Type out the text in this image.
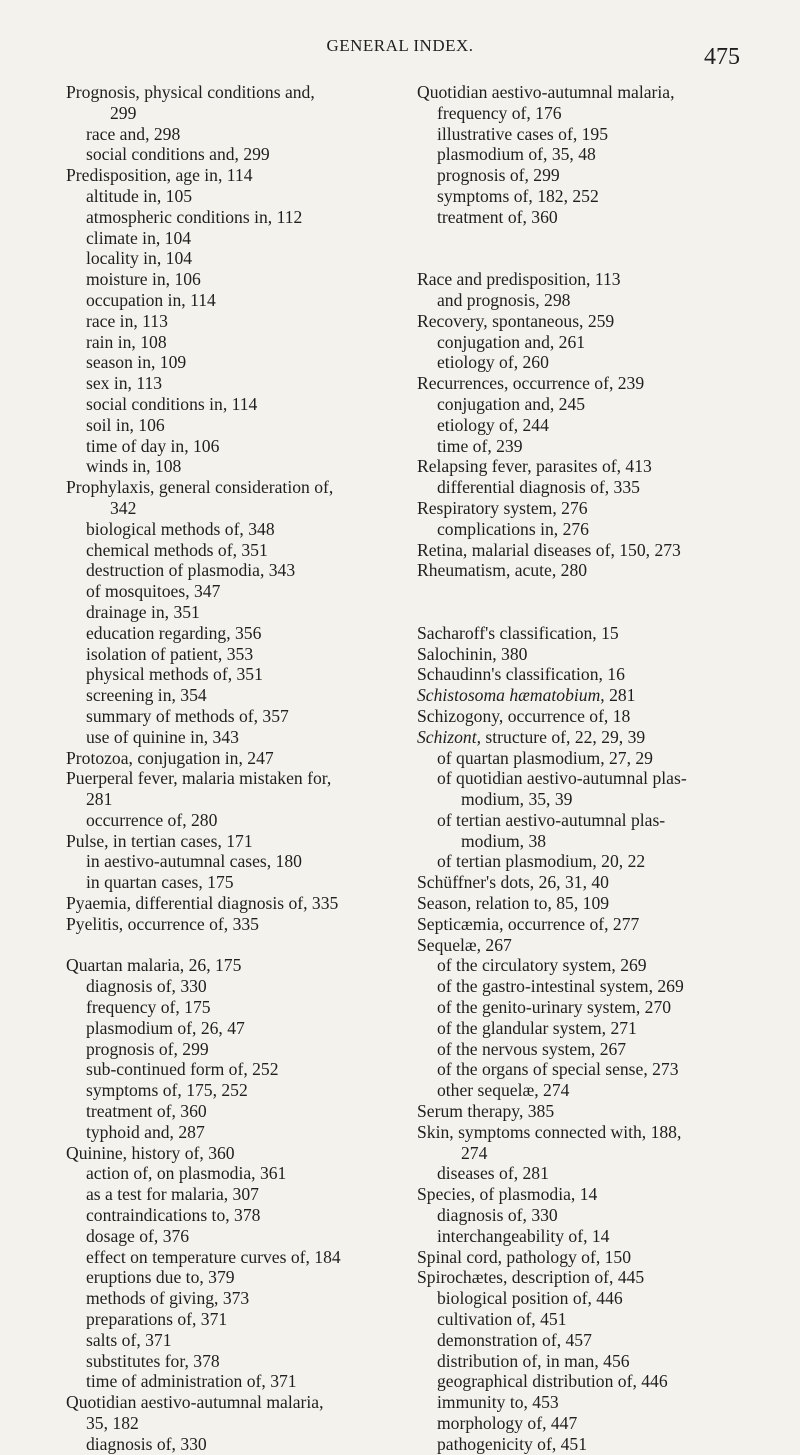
GENERAL INDEX.	475
Prognosis, physical conditions and,
299
race and, 298
social conditions and, 299
Predisposition, age in, 114
altitude in, 105
atmospheric conditions in, 112
climate in, 104
locality in, 104
moisture in, 106
occupation in, 114
race in, 113
rain in, 108
season in, 109
sex in, 113
social conditions in, 114
soil in, 106
time of day in, 106
winds in, 108
Prophylaxis, general consideration of,
342
biological methods of, 348
chemical methods of, 351
destruction of plasmodia, 343
of mosquitoes, 347
drainage in, 351
education regarding, 356
isolation of patient, 353
physical methods of, 351
screening in, 354
summary of methods of, 357
use of quinine in, 343
Protozoa, conjugation in, 247
Puerperal fever, malaria mistaken for,
281
occurrence of, 280
Pulse, in tertian cases, 171
in aestivo-autumnal cases, 180
in quartan cases, 175
Pyaemia, differential diagnosis of, 335
Pyelitis, occurrence of, 335
Quartan malaria, 26, 175
diagnosis of, 330
frequency of, 175
plasmodium of, 26, 47
prognosis of, 299
sub-continued form of, 252
symptoms of, 175, 252
treatment of, 360
typhoid and, 287
Quinine, history of, 360
action of, on plasmodia, 361
as a test for malaria, 307
contraindications to, 378
dosage of, 376
effect on temperature curves of, 184
eruptions due to, 379
methods of giving, 373
preparations of, 371
salts of, 371
substitutes for, 378
time of administration of, 371
Quotidian aestivo-autumnal malaria,
35, 182
diagnosis of, 330
Quotidian aestivo-autumnal malaria,
frequency of, 176
illustrative cases of, 195
plasmodium of, 35, 48
prognosis of, 299
symptoms of, 182, 252
treatment of, 360
Race and predisposition, 113
and prognosis, 298
Recovery, spontaneous, 259
conjugation and, 261
etiology of, 260
Recurrences, occurrence of, 239
conjugation and, 245
etiology of, 244
time of, 239
Relapsing fever, parasites of, 413
differential diagnosis of, 335
Respiratory system, 276
complications in, 276
Retina, malarial diseases of, 150, 273
Rheumatism, acute, 280
Sacharoff's classification, 15
Salochinin, 380
Schaudinn's classification, 16
Schistosoma hæmatobium, 281
Schizogony, occurrence of, 18
Schizont, structure of, 22, 29, 39
of quartan plasmodium, 27, 29
of quotidian aestivo-autumnal plas-
modium, 35, 39
of tertian aestivo-autumnal plas-
modium, 38
of tertian plasmodium, 20, 22
Schüffner's dots, 26, 31, 40
Season, relation to, 85, 109
Septicæmia, occurrence of, 277
Sequelæ, 267
of the circulatory system, 269
of the gastro-intestinal system, 269
of the genito-urinary system, 270
of the glandular system, 271
of the nervous system, 267
of the organs of special sense, 273
other sequelæ, 274
Serum therapy, 385
Skin, symptoms connected with, 188,
274
diseases of, 281
Species, of plasmodia, 14
diagnosis of, 330
interchangeability of, 14
Spinal cord, pathology of, 150
Spirochætes, description of, 445
biological position of, 446
cultivation of, 451
demonstration of, 457
distribution of, in man, 456
geographical distribution of, 446
immunity to, 453
morphology of, 447
pathogenicity of, 451
